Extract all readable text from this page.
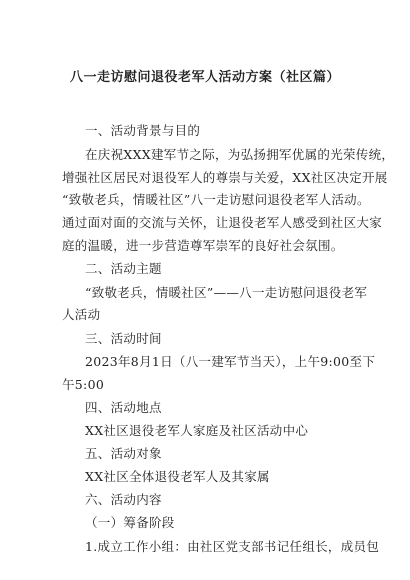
八一走访慰问退役老军人活动方案（社区篇）
一、活动背景与目的
在庆祝XXX建军节之际，为弘扬拥军优属的光荣传统，
增强社区居民对退役军人的尊崇与关爱，XX社区决定开展
“致敬老兵，情暖社区”八一走访慰问退役老军人活动。
通过面对面的交流与关怀，让退役老军人感受到社区大家
庭的温暖，进一步营造尊军崇军的良好社会氛围。
二、活动主题
“致敬老兵，情暖社区”——八一走访慰问退役老军
人活动
三、活动时间
2023年8月1日（八一建军节当天），上午9:00至下
午5:00
四、活动地点
XX社区退役老军人家庭及社区活动中心
五、活动对象
XX社区全体退役老军人及其家属
六、活动内容
（一）筹备阶段
1.成立工作小组：由社区党支部书记任组长，成员包
